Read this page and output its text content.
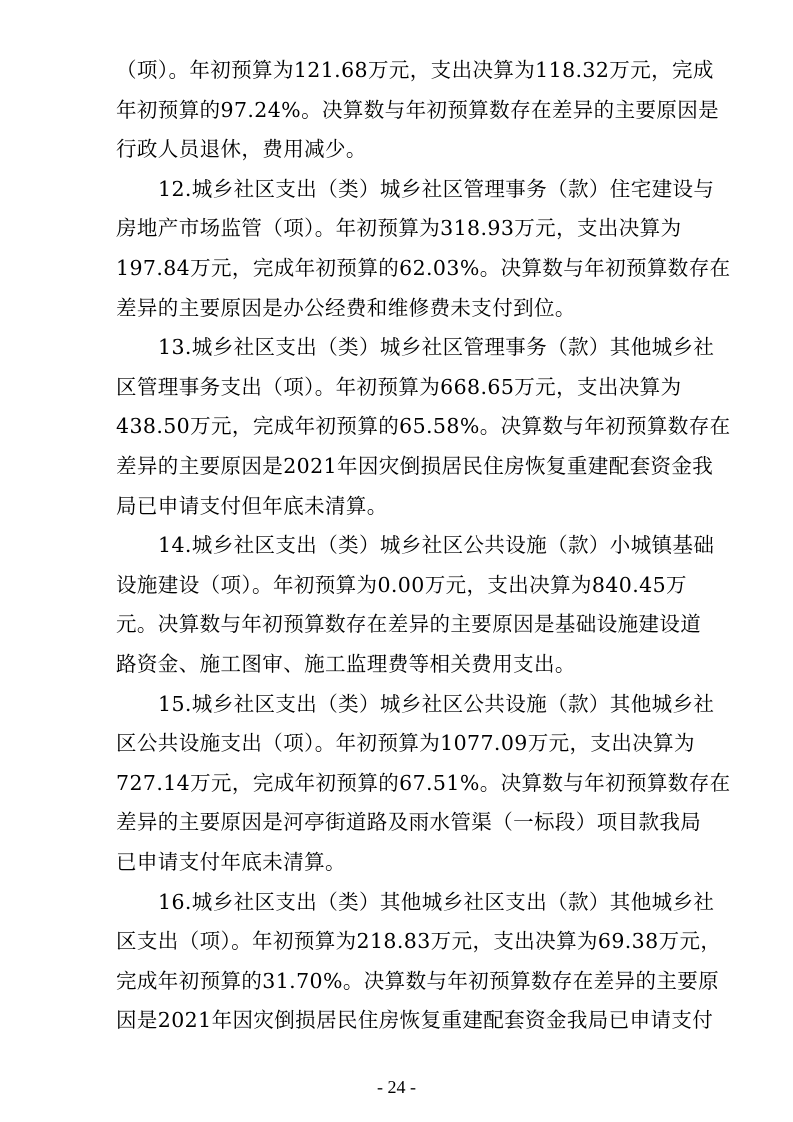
（项）。年初预算为121.68万元，支出决算为118.32万元，完成
年初预算的97.24%。决算数与年初预算数存在差异的主要原因是
行政人员退休，费用减少。
12.城乡社区支出（类）城乡社区管理事务（款）住宅建设与
房地产市场监管（项）。年初预算为318.93万元，支出决算为
197.84万元，完成年初预算的62.03%。决算数与年初预算数存在
差异的主要原因是办公经费和维修费未支付到位。
13.城乡社区支出（类）城乡社区管理事务（款）其他城乡社
区管理事务支出（项）。年初预算为668.65万元，支出决算为
438.50万元，完成年初预算的65.58%。决算数与年初预算数存在
差异的主要原因是2021年因灾倒损居民住房恢复重建配套资金我
局已申请支付但年底未清算。
14.城乡社区支出（类）城乡社区公共设施（款）小城镇基础
设施建设（项）。年初预算为0.00万元，支出决算为840.45万
元。决算数与年初预算数存在差异的主要原因是基础设施建设道
路资金、施工图审、施工监理费等相关费用支出。
15.城乡社区支出（类）城乡社区公共设施（款）其他城乡社
区公共设施支出（项）。年初预算为1077.09万元，支出决算为
727.14万元，完成年初预算的67.51%。决算数与年初预算数存在
差异的主要原因是河亭街道路及雨水管渠（一标段）项目款我局
已申请支付年底未清算。
16.城乡社区支出（类）其他城乡社区支出（款）其他城乡社
区支出（项）。年初预算为218.83万元，支出决算为69.38万元，
完成年初预算的31.70%。决算数与年初预算数存在差异的主要原
因是2021年因灾倒损居民住房恢复重建配套资金我局已申请支付
- 24 -
